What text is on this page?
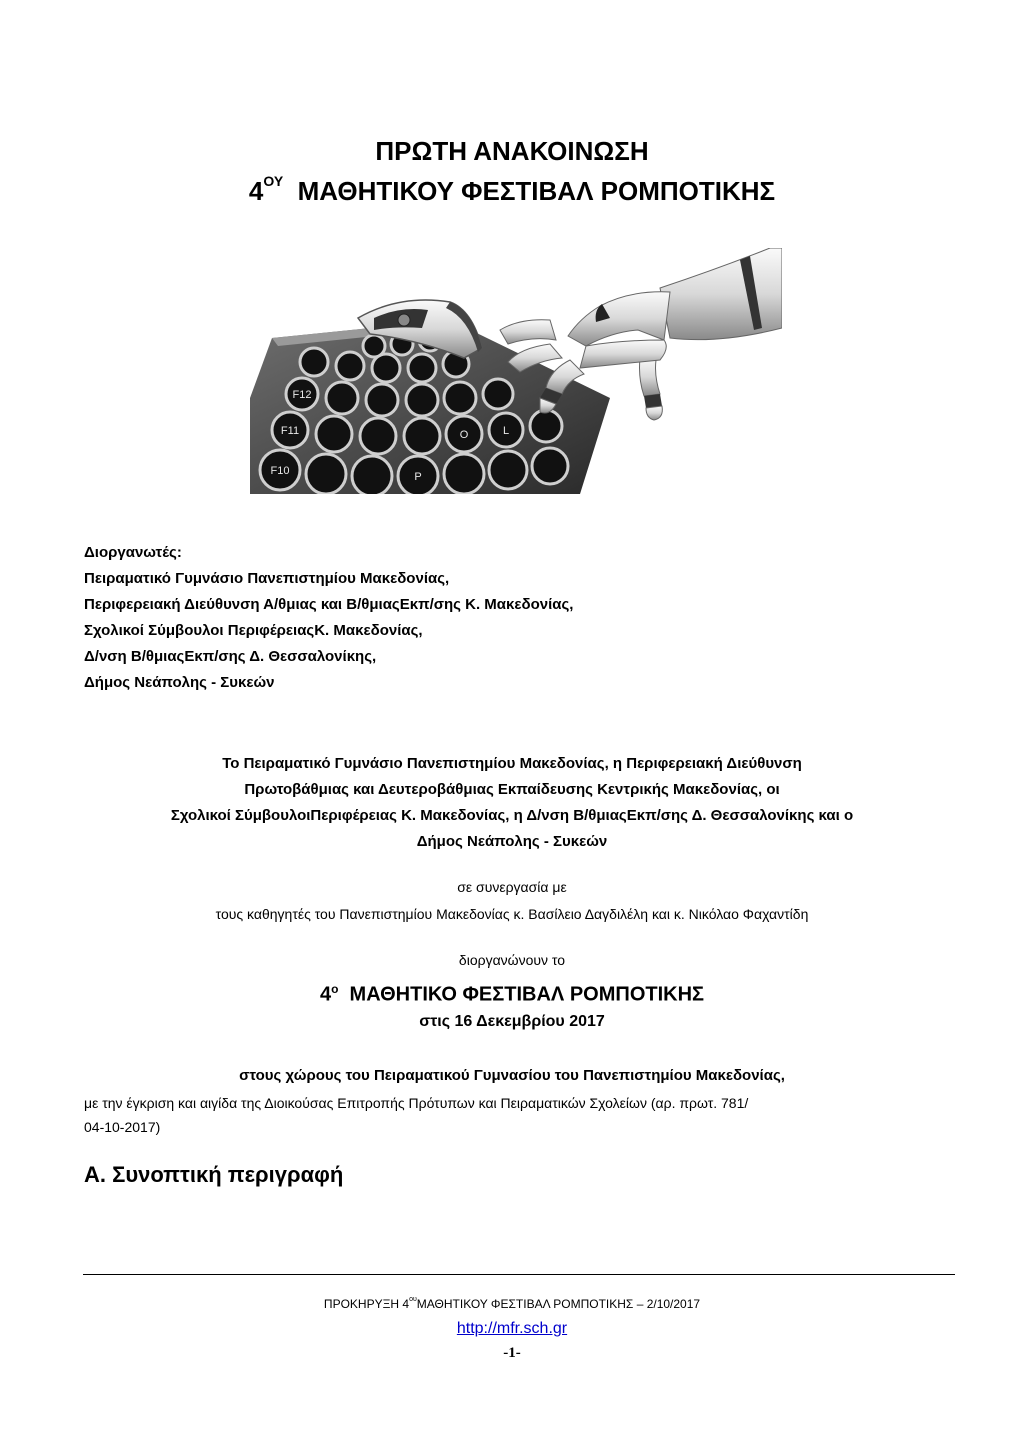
ΠΡΩΤΗ ΑΝΑΚΟΙΝΩΣΗ
$4^{O\Upsilon}$ ΜΑΘΗΤΙΚΟΥ ΦΕΣΤΙΒΑΛ ΡΟΜΠΟΤΙΚΗΣ
F10
F11
F12
P
O	L
Διοργανωτές:
Πειραματικό Γυμνάσιο Πανεπιστημίου Μακεδονίας,
Περιφερειακή Διεύθυνση Α/θμιας και Β/θμιαςΕκπ/σης Κ. Μακεδονίας,
Σχολικοί Σύμβουλοι ΠεριφέρειαςΚ. Μακεδονίας,
Δ/νση Β/θμιαςΕκπ/σης Δ. Θεσσαλονίκης,
Δήμος Νεάπολης - Συκεών
Το Πειραματικό Γυμνάσιο Πανεπιστημίου Μακεδονίας, η Περιφερειακή Διεύθυνση
Πρωτοβάθμιας και Δευτεροβάθμιας Εκπαίδευσης Κεντρικής Μακεδονίας, οι
Σχολικοί ΣύμβουλοιΠεριφέρειας Κ. Μακεδονίας, η Δ/νση Β/θμιαςΕκπ/σης Δ. Θεσσαλονίκης και ο
Δήμος Νεάπολης - Συκεών
σε συνεργασία με
τους καθηγητές του Πανεπιστημίου Μακεδονίας κ. Βασίλειο Δαγδιλέλη και κ. Νικόλαο Φαχαντίδη
διοργανώνουν το
$4^o$ ΜΑΘΗΤΙΚΟ ΦΕΣΤΙΒΑΛ ΡΟΜΠΟΤΙΚΗΣ
στις 16 Δεκεμβρίου 2017
στους χώρους του Πειραματικού Γυμνασίου του Πανεπιστημίου Μακεδονίας,
με την έγκριση και αιγίδα της Διοικούσας Επιτροπής Πρότυπων και Πειραματικών Σχολείων (αρ. πρωτ. 781/
04-10-2017)
Α. Συνοπτική περιγραφή
ΠΡΟΚΗΡΥΞΗ $4^{o\upsilon}MA\Theta HTIKO\Upsilon$ ΦΕΣΤΙΒΑΛ ΡΟΜΠΟΤΙΚΗΣ – 2/10/2017
http://mfr.sch.gr
-1-
